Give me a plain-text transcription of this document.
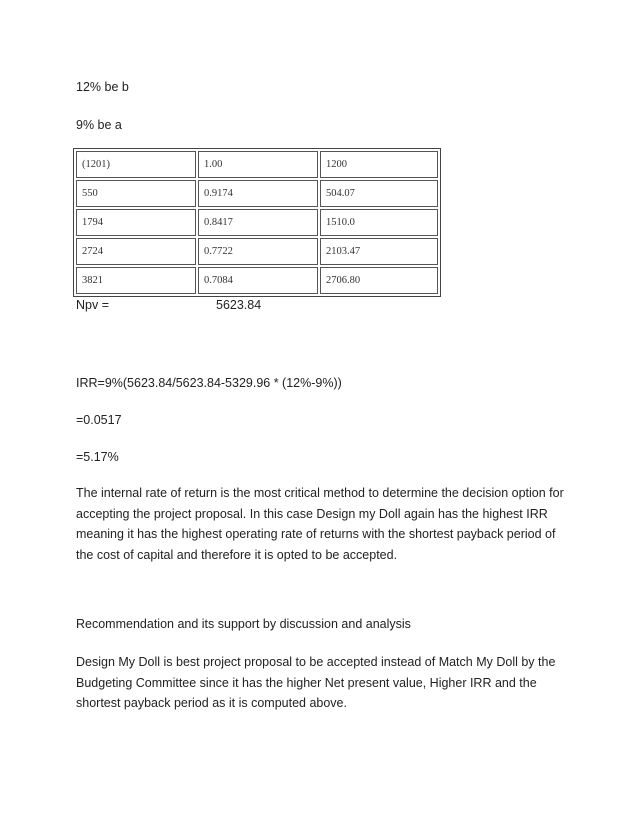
12% be b
9% be a
(1201)	1.00	1200
550	0.9174	504.07
1794	0.8417	1510.0
2724	0.7722	2103.47
3821	0.7084	2706.80
Npv =	5623.84
IRR=9%(5623.84/5623.84-5329.96 * (12%-9%))
=0.0517
=5.17%
The internal rate of return is the most critical method to determine the decision option for accepting the project proposal. In this case Design my Doll again has the highest IRR meaning it has the highest operating rate of returns with the shortest payback period of the cost of capital and therefore it is opted to be accepted.
Recommendation and its support by discussion and analysis
Design My Doll is best project proposal to be accepted instead of Match My Doll by the Budgeting Committee since it has the higher Net present value, Higher IRR and the shortest payback period as it is computed above.
